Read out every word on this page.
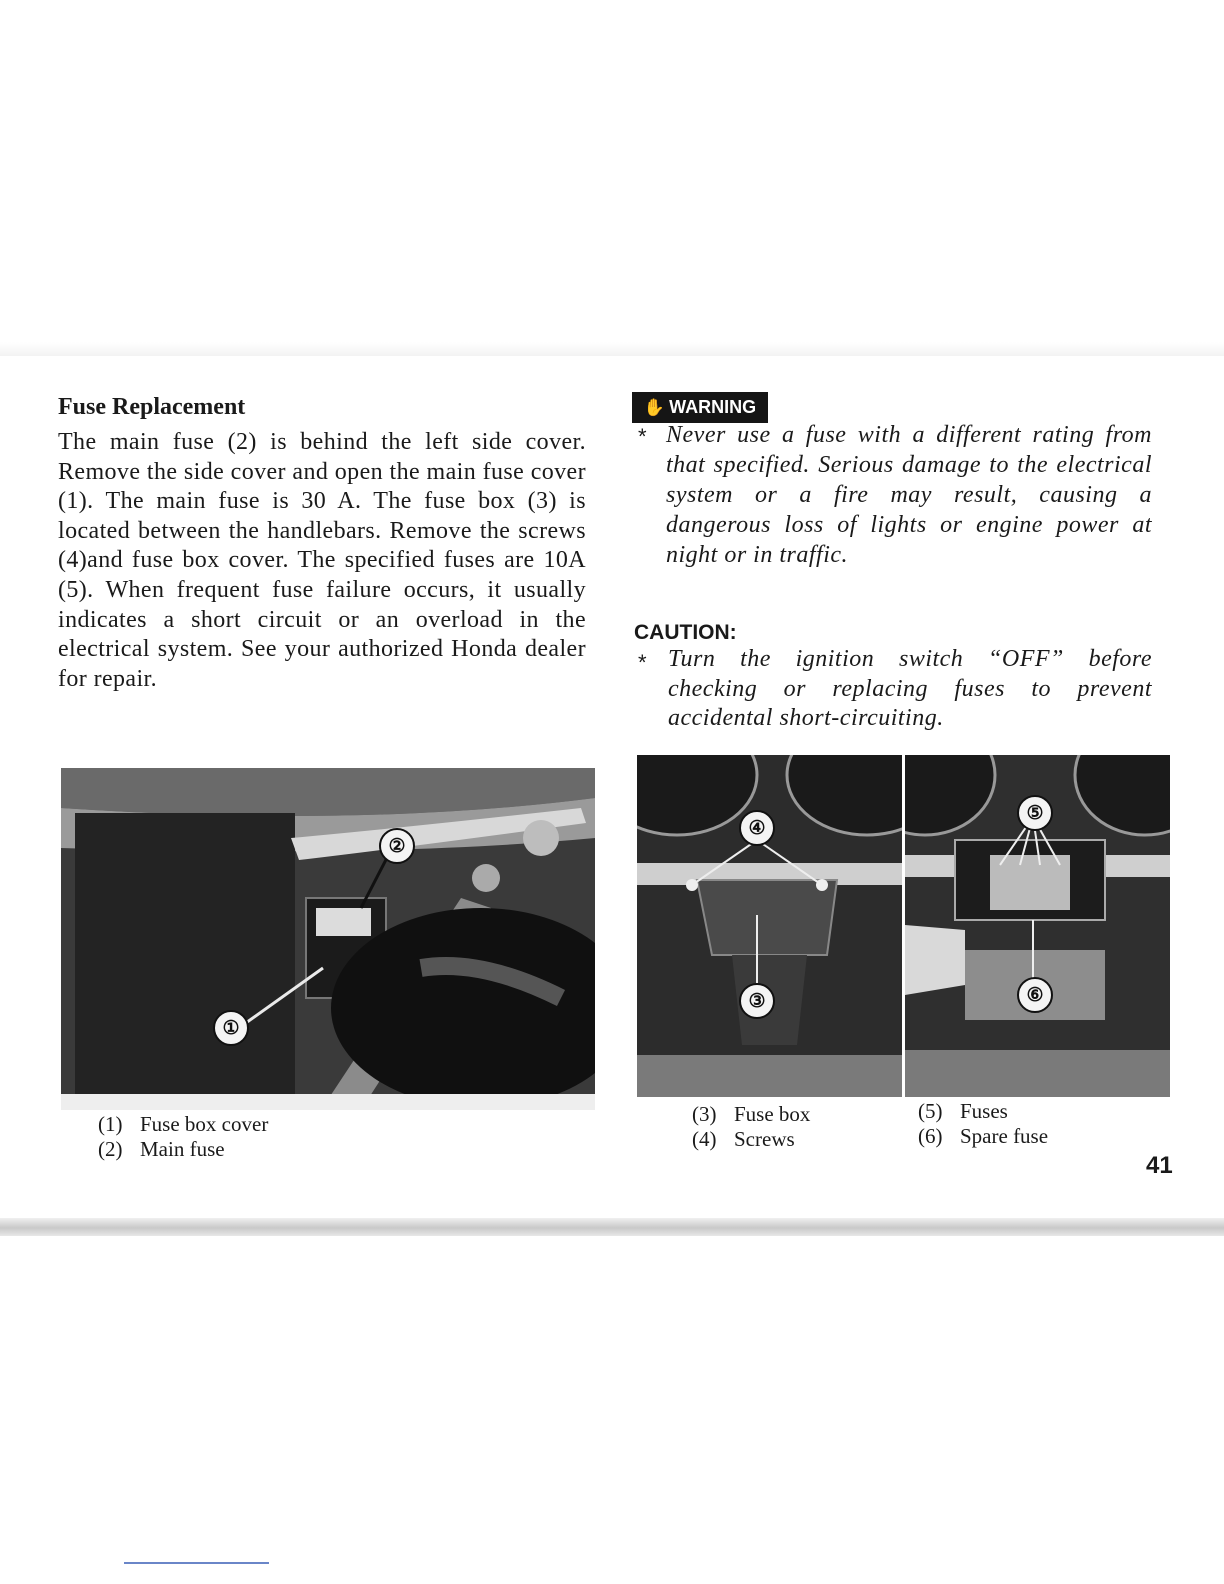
Fuse Replacement
The main fuse (2) is behind the left side cover. Remove the side cover and open the main fuse cover (1). The main fuse is 30 A. The fuse box (3) is located between the handlebars. Remove the screws (4)and fuse box cover. The specified fuses are 10A (5). When frequent fuse failure occurs, it usually indicates a short circuit or an overload in the electrical system. See your authorized Honda dealer for repair.
✋ WARNING
* Never use a fuse with a different rating from that specified. Serious damage to the electrical system or a fire may result, causing a dangerous loss of lights or engine power at night or in traffic.
CAUTION:
* Turn the ignition switch “OFF” before checking or replacing fuses to prevent accidental short-circuiting.
①
②
④
③
⑤
⑥
(1) Fuse box cover
(2) Main fuse
(3) Fuse box
(4) Screws
(5) Fuses
(6) Spare fuse
41
